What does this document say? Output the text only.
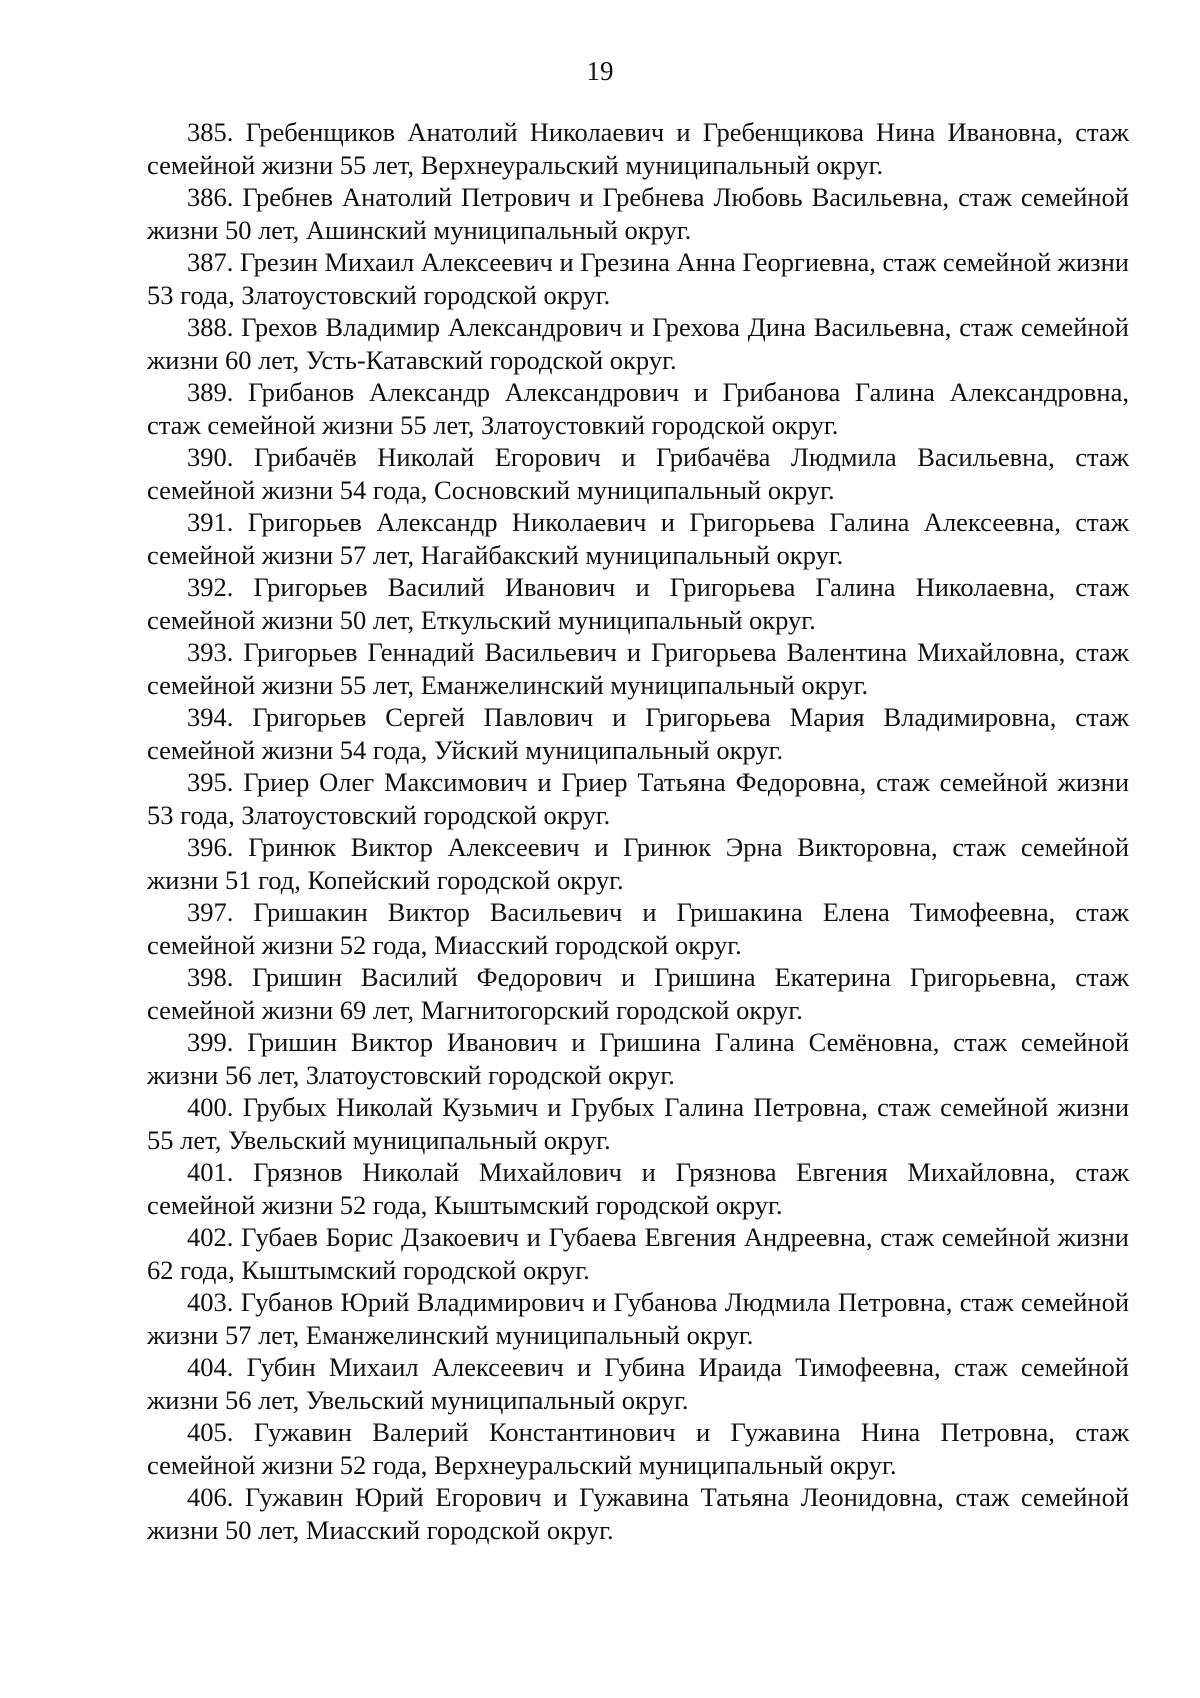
19

385. Гребенщиков Анатолий Николаевич и Гребенщикова Нина Ивановна, стаж семейной жизни 55 лет, Верхнеуральский муниципальный округ.

386. Гребнев Анатолий Петрович и Гребнева Любовь Васильевна, стаж семейной жизни 50 лет, Ашинский муниципальный округ.

387. Грезин Михаил Алексеевич и Грезина Анна Георгиевна, стаж семейной жизни 53 года, Златоустовский городской округ.

388. Грехов Владимир Александрович и Грехова Дина Васильевна, стаж семейной жизни 60 лет, Усть-Катавский городской округ.

389. Грибанов Александр Александрович и Грибанова Галина Александровна, стаж семейной жизни 55 лет, Златоустовкий городской округ.

390. Грибачёв Николай Егорович и Грибачёва Людмила Васильевна, стаж семейной жизни 54 года, Сосновский муниципальный округ.

391. Григорьев Александр Николаевич и Григорьева Галина Алексеевна, стаж семейной жизни 57 лет, Нагайбакский муниципальный округ.

392. Григорьев Василий Иванович и Григорьева Галина Николаевна, стаж семейной жизни 50 лет, Еткульский муниципальный округ.

393. Григорьев Геннадий Васильевич и Григорьева Валентина Михайловна, стаж семейной жизни 55 лет, Еманжелинский муниципальный округ.

394. Григорьев Сергей Павлович и Григорьева Мария Владимировна, стаж семейной жизни 54 года, Уйский муниципальный округ.

395. Гриер Олег Максимович и Гриер Татьяна Федоровна, стаж семейной жизни 53 года, Златоустовский городской округ.

396. Гринюк Виктор Алексеевич и Гринюк Эрна Викторовна, стаж семейной жизни 51 год, Копейский городской округ.

397. Гришакин Виктор Васильевич и Гришакина Елена Тимофеевна, стаж семейной жизни 52 года, Миасский городской округ.

398. Гришин Василий Федорович и Гришина Екатерина Григорьевна, стаж семейной жизни 69 лет, Магнитогорский городской округ.

399. Гришин Виктор Иванович и Гришина Галина Семёновна, стаж семейной жизни 56 лет, Златоустовский городской округ.

400. Грубых Николай Кузьмич и Грубых Галина Петровна, стаж семейной жизни 55 лет, Увельский муниципальный округ.

401. Грязнов Николай Михайлович и Грязнова Евгения Михайловна, стаж семейной жизни 52 года, Кыштымский городской округ.

402. Губаев Борис Дзакоевич и Губаева Евгения Андреевна, стаж семейной жизни 62 года, Кыштымский городской округ.

403. Губанов Юрий Владимирович и Губанова Людмила Петровна, стаж семейной жизни 57 лет, Еманжелинский муниципальный округ.

404. Губин Михаил Алексеевич и Губина Ираида Тимофеевна, стаж семейной жизни 56 лет, Увельский муниципальный округ.

405. Гужавин Валерий Константинович и Гужавина Нина Петровна, стаж семейной жизни 52 года, Верхнеуральский муниципальный округ.

406. Гужавин Юрий Егорович и Гужавина Татьяна Леонидовна, стаж семейной жизни 50 лет, Миасский городской округ.
